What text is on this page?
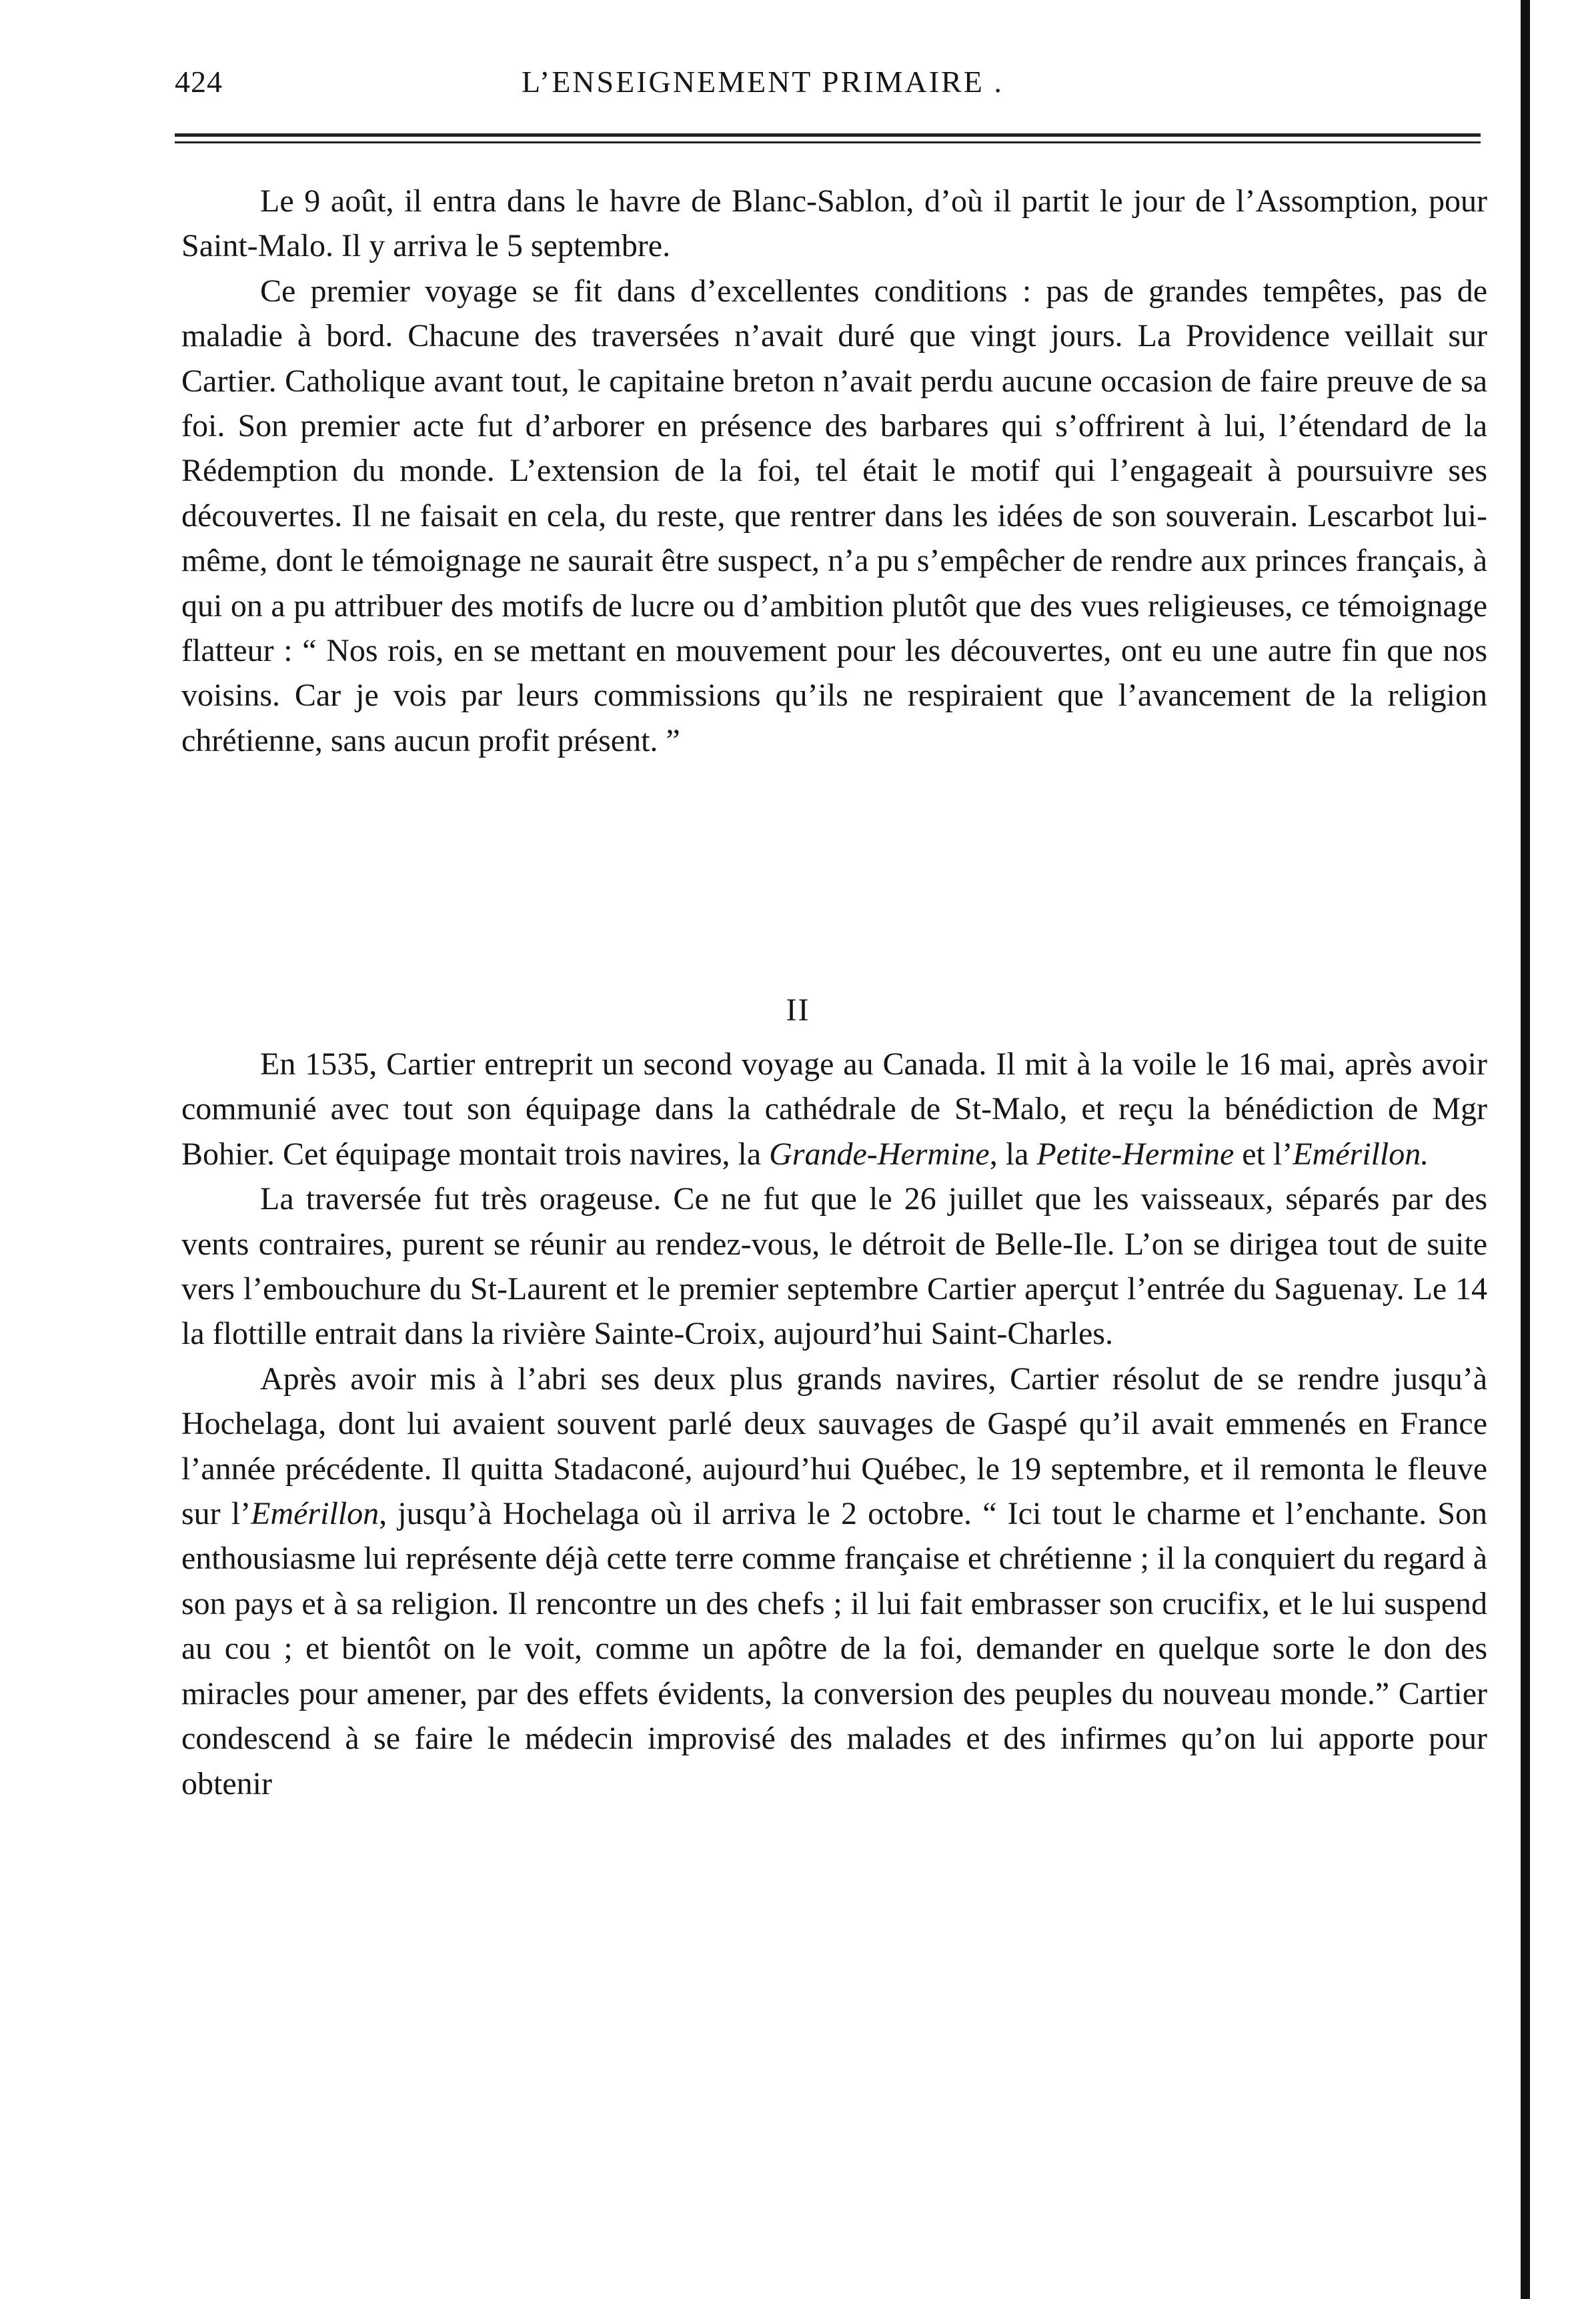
424	L’ENSEIGNEMENT PRIMAIRE .

Le 9 août, il entra dans le havre de Blanc-Sablon, d’où il partit le jour de l’Assomption, pour Saint-Malo. Il y arriva le 5 septembre.

Ce premier voyage se fit dans d’excellentes conditions : pas de grandes tempêtes, pas de maladie à bord. Chacune des traversées n’avait duré que vingt jours. La Providence veillait sur Cartier. Catholique avant tout, le capitaine breton n’avait perdu aucune occasion de faire preuve de sa foi. Son premier acte fut d’arborer en présence des barbares qui s’offrirent à lui, l’étendard de la Rédemption du monde. L’extension de la foi, tel était le motif qui l’engageait à poursuivre ses découvertes. Il ne faisait en cela, du reste, que rentrer dans les idées de son souverain. Lescarbot lui-même, dont le témoignage ne saurait être suspect, n’a pu s’empêcher de rendre aux princes français, à qui on a pu attribuer des motifs de lucre ou d’ambition plutôt que des vues religieuses, ce témoignage flatteur : “ Nos rois, en se mettant en mouvement pour les découvertes, ont eu une autre fin que nos voisins. Car je vois par leurs commissions qu’ils ne respiraient que l’avancement de la religion chrétienne, sans aucun profit présent. ”

II

En 1535, Cartier entreprit un second voyage au Canada. Il mit à la voile le 16 mai, après avoir communié avec tout son équipage dans la cathédrale de St-Malo, et reçu la bénédiction de Mgr Bohier. Cet équipage montait trois navires, la Grande-Hermine, la Petite-Hermine et l’Emérillon.

La traversée fut très orageuse. Ce ne fut que le 26 juillet que les vaisseaux, séparés par des vents contraires, purent se réunir au rendez-vous, le détroit de Belle-Ile. L’on se dirigea tout de suite vers l’embouchure du St-Laurent et le premier septembre Cartier aperçut l’entrée du Saguenay. Le 14 la flottille entrait dans la rivière Sainte-Croix, aujourd’hui Saint-Charles.

Après avoir mis à l’abri ses deux plus grands navires, Cartier résolut de se rendre jusqu’à Hochelaga, dont lui avaient souvent parlé deux sauvages de Gaspé qu’il avait emmenés en France l’année précédente. Il quitta Stadaconé, aujourd’hui Québec, le 19 septembre, et il remonta le fleuve sur l’Emérillon, jusqu’à Hochelaga où il arriva le 2 octobre. “ Ici tout le charme et l’enchante. Son enthousiasme lui représente déjà cette terre comme française et chrétienne ; il la conquiert du regard à son pays et à sa religion. Il rencontre un des chefs ; il lui fait embrasser son crucifix, et le lui suspend au cou ; et bientôt on le voit, comme un apôtre de la foi, demander en quelque sorte le don des miracles pour amener, par des effets évidents, la conversion des peuples du nouveau monde.” Cartier condescend à se faire le médecin improvisé des malades et des infirmes qu’on lui apporte pour obtenir
